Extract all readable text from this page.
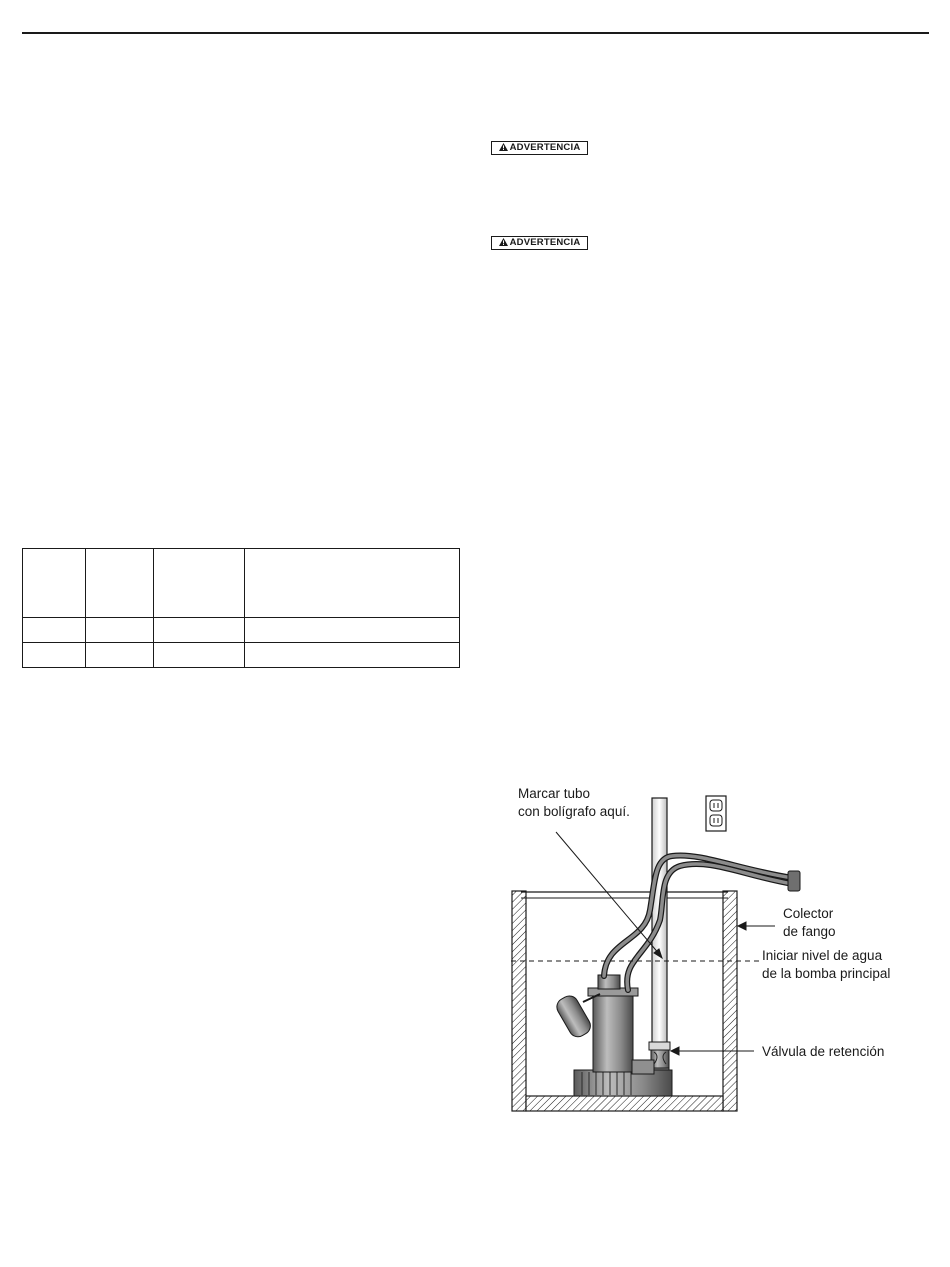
ADVERTENCIA
ADVERTENCIA

Marcar tubo
con bolígrafo aquí.
Colector
de fango
Iniciar nivel de agua
de la bomba principal
Válvula de retención
